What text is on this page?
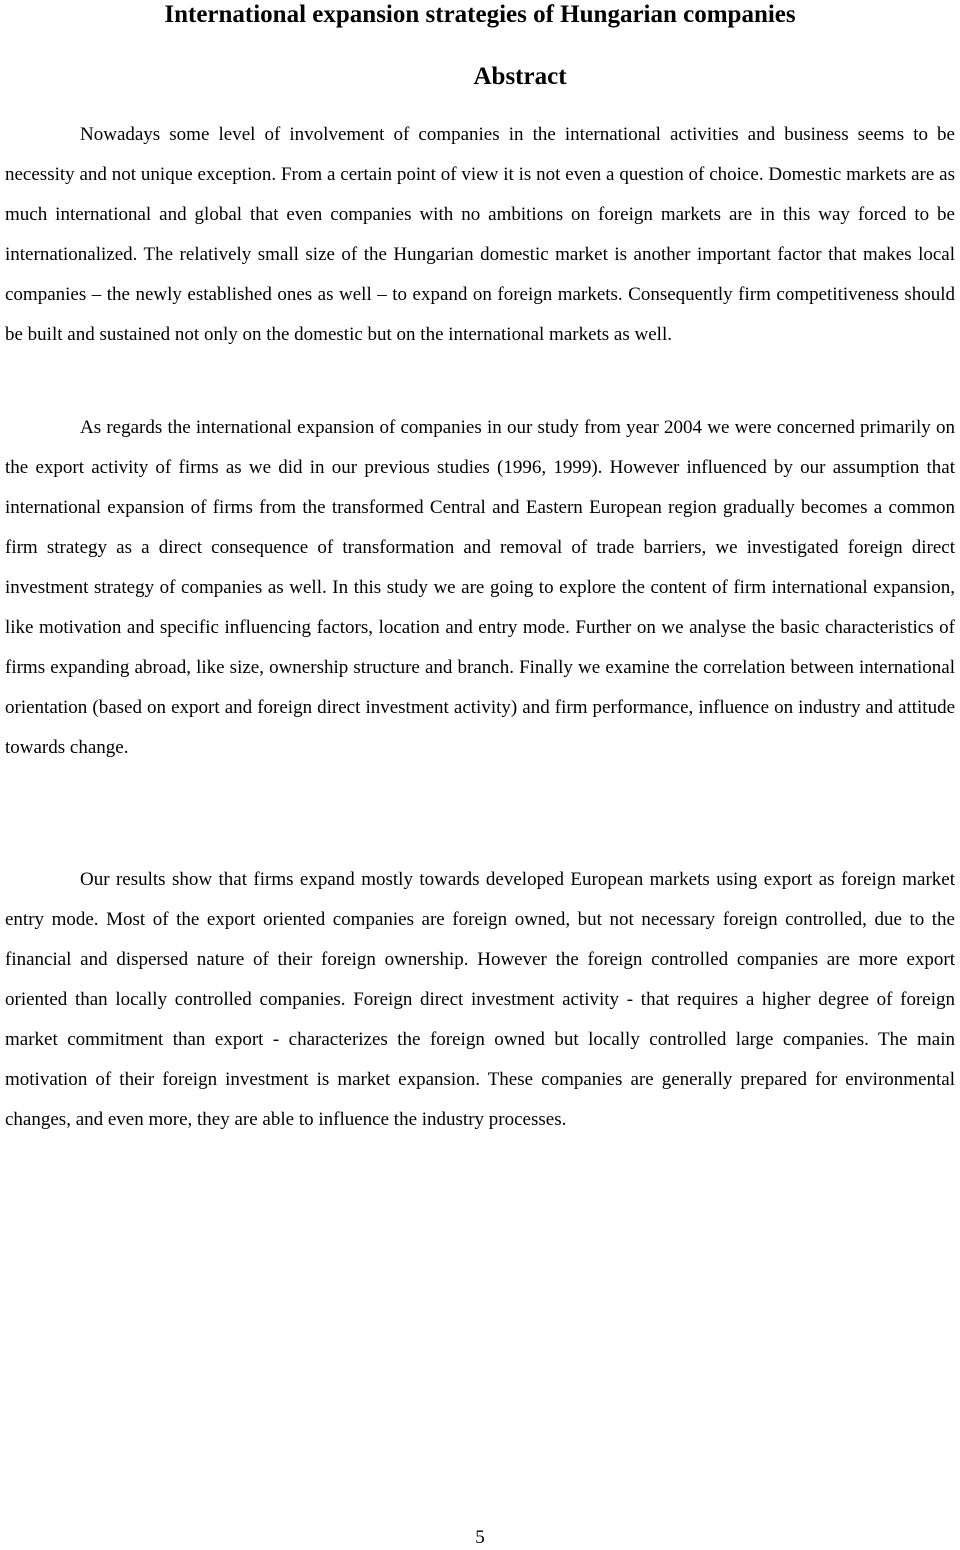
International expansion strategies of Hungarian companies
Abstract

Nowadays some level of involvement of companies in the international activities and business seems to be necessity and not unique exception. From a certain point of view it is not even a question of choice. Domestic markets are as much international and global that even companies with no ambitions on foreign markets are in this way forced to be internationalized. The relatively small size of the Hungarian domestic market is another important factor that makes local companies – the newly established ones as well – to expand on foreign markets. Consequently firm competitiveness should be built and sustained not only on the domestic but on the international markets as well.

As regards the international expansion of companies in our study from year 2004 we were concerned primarily on the export activity of firms as we did in our previous studies (1996, 1999). However influenced by our assumption that international expansion of firms from the transformed Central and Eastern European region gradually becomes a common firm strategy as a direct consequence of transformation and removal of trade barriers, we investigated foreign direct investment strategy of companies as well. In this study we are going to explore the content of firm international expansion, like motivation and specific influencing factors, location and entry mode. Further on we analyse the basic characteristics of firms expanding abroad, like size, ownership structure and branch. Finally we examine the correlation between international orientation (based on export and foreign direct investment activity) and firm performance, influence on industry and attitude towards change.

Our results show that firms expand mostly towards developed European markets using export as foreign market entry mode. Most of the export oriented companies are foreign owned, but not necessary foreign controlled, due to the financial and dispersed nature of their foreign ownership. However the foreign controlled companies are more export oriented than locally controlled companies. Foreign direct investment activity - that requires a higher degree of foreign market commitment than export - characterizes the foreign owned but locally controlled large companies. The main motivation of their foreign investment is market expansion. These companies are generally prepared for environmental changes, and even more, they are able to influence the industry processes.

5
